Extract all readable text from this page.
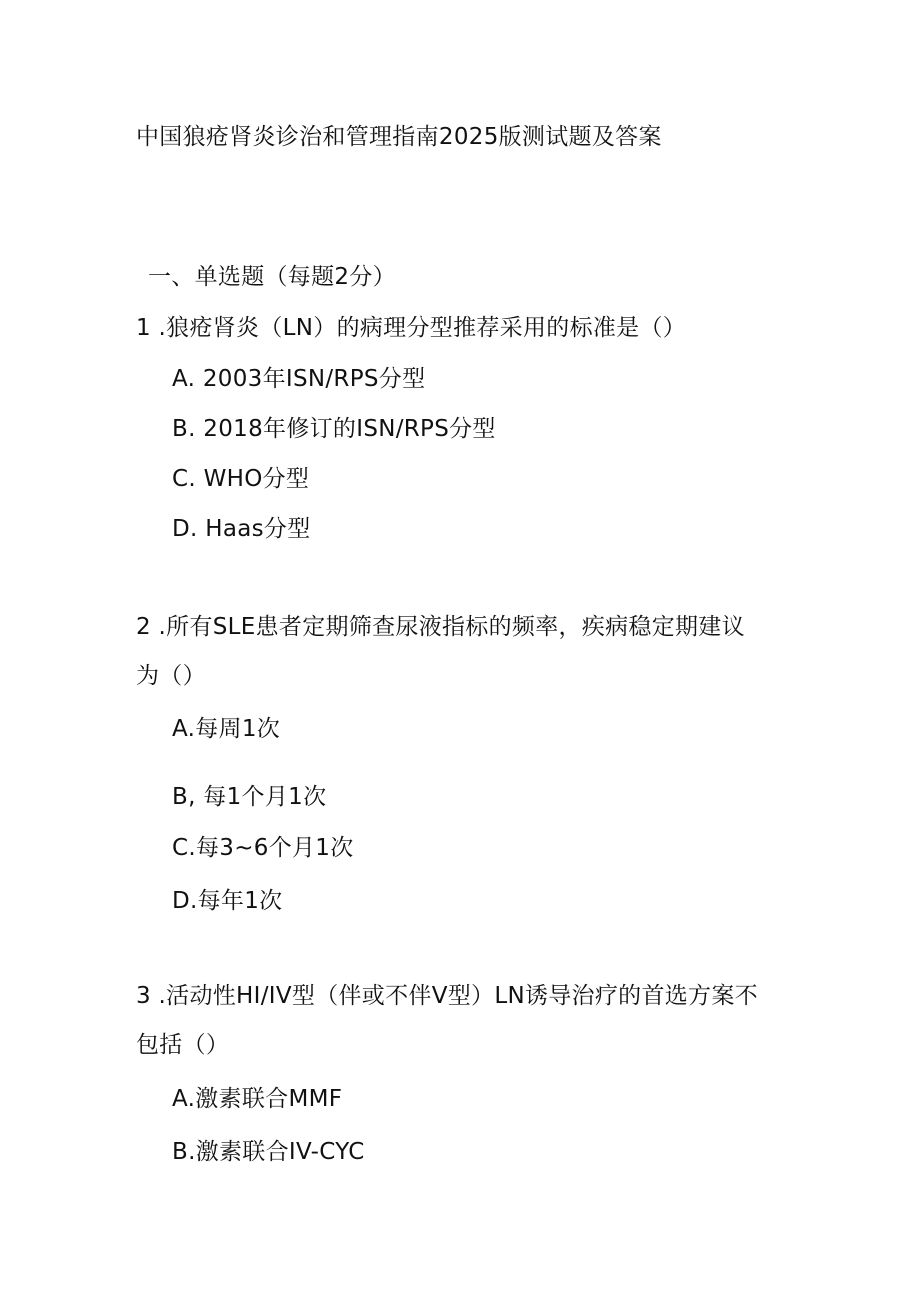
中国狼疮肾炎诊治和管理指南2025版测试题及答案
一、单选题（每题2分）
1 .狼疮肾炎（LN）的病理分型推荐采用的标准是（）
A. 2003年ISN/RPS分型
B. 2018年修订的ISN/RPS分型
C. WHO分型
D. Haas分型
2 .所有SLE患者定期筛查尿液指标的频率，疾病稳定期建议
为（）
A.每周1次
B, 每1个月1次
C.每3~6个月1次
D.每年1次
3 .活动性HI/IV型（伴或不伴V型）LN诱导治疗的首选方案不
包括（）
A.激素联合MMF
B.激素联合IV-CYC
